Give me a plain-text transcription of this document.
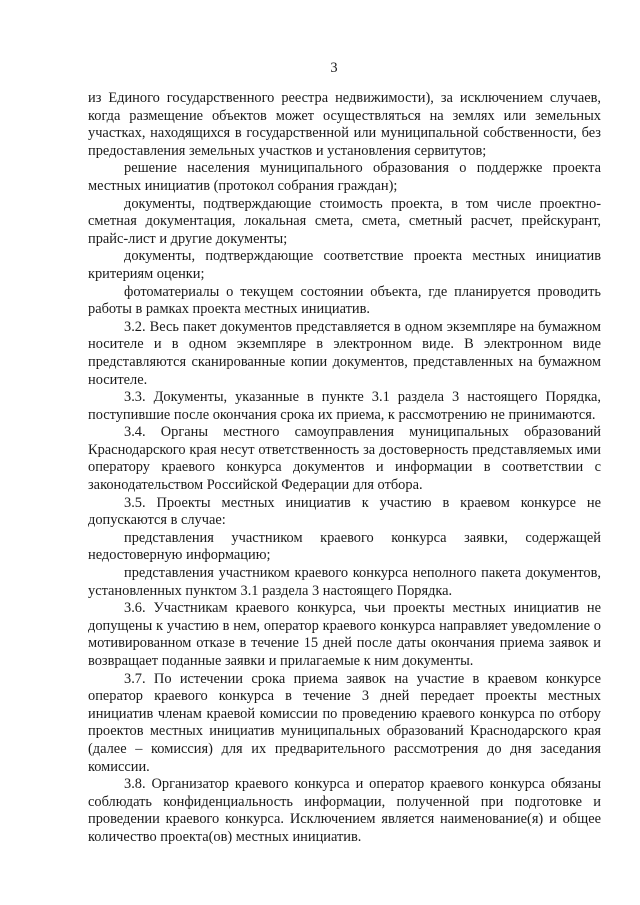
3

из Единого государственного реестра недвижимости), за исключением случаев, когда размещение объектов может осуществляться на землях или земельных участках, находящихся в государственной или муниципальной собственности, без предоставления земельных участков и установления сервитутов;

решение населения муниципального образования о поддержке проекта местных инициатив (протокол собрания граждан);

документы, подтверждающие стоимость проекта, в том числе проектно-сметная документация, локальная смета, смета, сметный расчет, прейскурант, прайс-лист и другие документы;

документы, подтверждающие соответствие проекта местных инициатив критериям оценки;

фотоматериалы о текущем состоянии объекта, где планируется проводить работы в рамках проекта местных инициатив.

3.2. Весь пакет документов представляется в одном экземпляре на бумажном носителе и в одном экземпляре в электронном виде. В электронном виде представляются сканированные копии документов, представленных на бумажном носителе.

3.3. Документы, указанные в пункте 3.1 раздела 3 настоящего Порядка, поступившие после окончания срока их приема, к рассмотрению не принимаются.

3.4. Органы местного самоуправления муниципальных образований Краснодарского края несут ответственность за достоверность представляемых ими оператору краевого конкурса документов и информации в соответствии с законодательством Российской Федерации для отбора.

3.5. Проекты местных инициатив к участию в краевом конкурсе не допускаются в случае:

представления участником краевого конкурса заявки, содержащей недостоверную информацию;

представления участником краевого конкурса неполного пакета документов, установленных пунктом 3.1 раздела 3 настоящего Порядка.

3.6. Участникам краевого конкурса, чьи проекты местных инициатив не допущены к участию в нем, оператор краевого конкурса направляет уведомление о мотивированном отказе в течение 15 дней после даты окончания приема заявок и возвращает поданные заявки и прилагаемые к ним документы.

3.7. По истечении срока приема заявок на участие в краевом конкурсе оператор краевого конкурса в течение 3 дней передает проекты местных инициатив членам краевой комиссии по проведению краевого конкурса по отбору проектов местных инициатив муниципальных образований Краснодарского края (далее – комиссия) для их предварительного рассмотрения до дня заседания комиссии.

3.8. Организатор краевого конкурса и оператор краевого конкурса обязаны соблюдать конфиденциальность информации, полученной при подготовке и проведении краевого конкурса. Исключением является наименование(я) и общее количество проекта(ов) местных инициатив.
